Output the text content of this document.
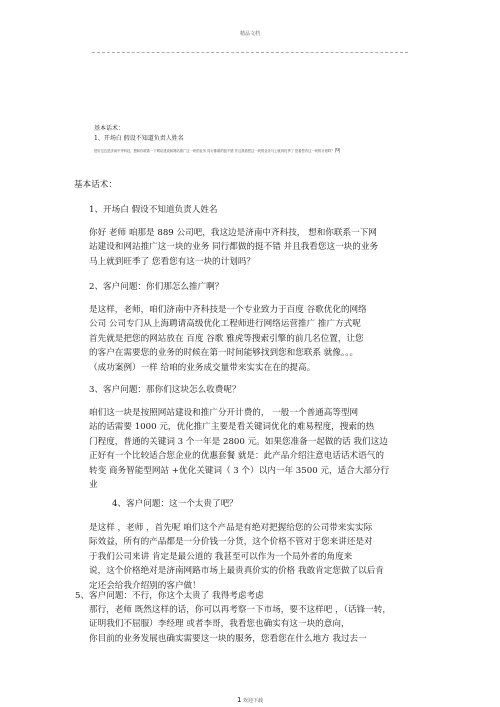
精品文档
基本话术：
1、开场白 假设不知道负责人姓名
您好这边是济南中齐科技，想和你联系一下网站建设和网站推广这一块的业务 同行都做的挺不错 并且我看您这一块的业务马上就到旺季了 您看您有这一块的计划吗？网
基本话术：
1、开场白 假设不知道负责人姓名
你好 老师 咱那是 889 公司吧，我这边是济南中齐科技， 想和你联系一下网
站建设和网站推广这一块的业务 同行都做的挺不错 并且我看您这一块的业务
马上就到旺季了 您看您有这一块的计划吗？
2、客户问题：你们那怎么推广啊？
是这样，老师，咱们济南中齐科技是一个专业致力于百度 谷歌优化的网络
公司 公司专门从上海聘请高级优化工程师进行网络运营推广 推广方式呢
首先就是把您的网站放在 百度 谷歌 雅虎等搜索引擎的前几名位置，让您
的客户在需要您的业务的时候在第一时间能够找到您和您联系 就像。。。
（成功案例）一样 给咱的业务成交量带来实实在在的提高。
3、客户问题：那你们这块怎么收费呢？
咱们这一块是按照网站建设和推广分开计费的， 一般一个普通高等型网
站的话需要 1000 元，优化推广主要是看关键词优化的难易程度，搜索的热
门程度，普通的关键词 3 个一年是 2800 元。如果您准备一起做的话 我们这边
正好有一个比较适合您企业的优惠套餐 就是：此产品介绍注意电话话术语气的
转变 商务智能型网站 +优化关键词（ 3 个）以内一年 3500 元，适合大部分行
业
4、客户问题：这一个太贵了吧？
是这样 ，老师 ，首先呢 咱们这个产品是有绝对把握给您的公司带来实实际
际效益，所有的产品都是一分价钱一分货，这个价格不管对于您来讲还是对
于我们公司来讲 肯定是最公道的 我甚至可以作为一个局外者的角度来
说，这个价格绝对是济南网路市场上最贵真价实的价格 我敢肯定您做了以后肯
定还会给我介绍别的客户做！
5、客户问题：不行，你这个太贵了 我得考虑考虑
那行，老师 既然这样的话，你可以再考察一下市场，要不这样吧 ，（话锋一转，
证明我们不屈服）李经理 或者李哥，我看您也确实有这一块的意向，
你目前的业务发展也确实需要这一块的服务，您看您在什么地方 我过去一
1 欢迎下载
